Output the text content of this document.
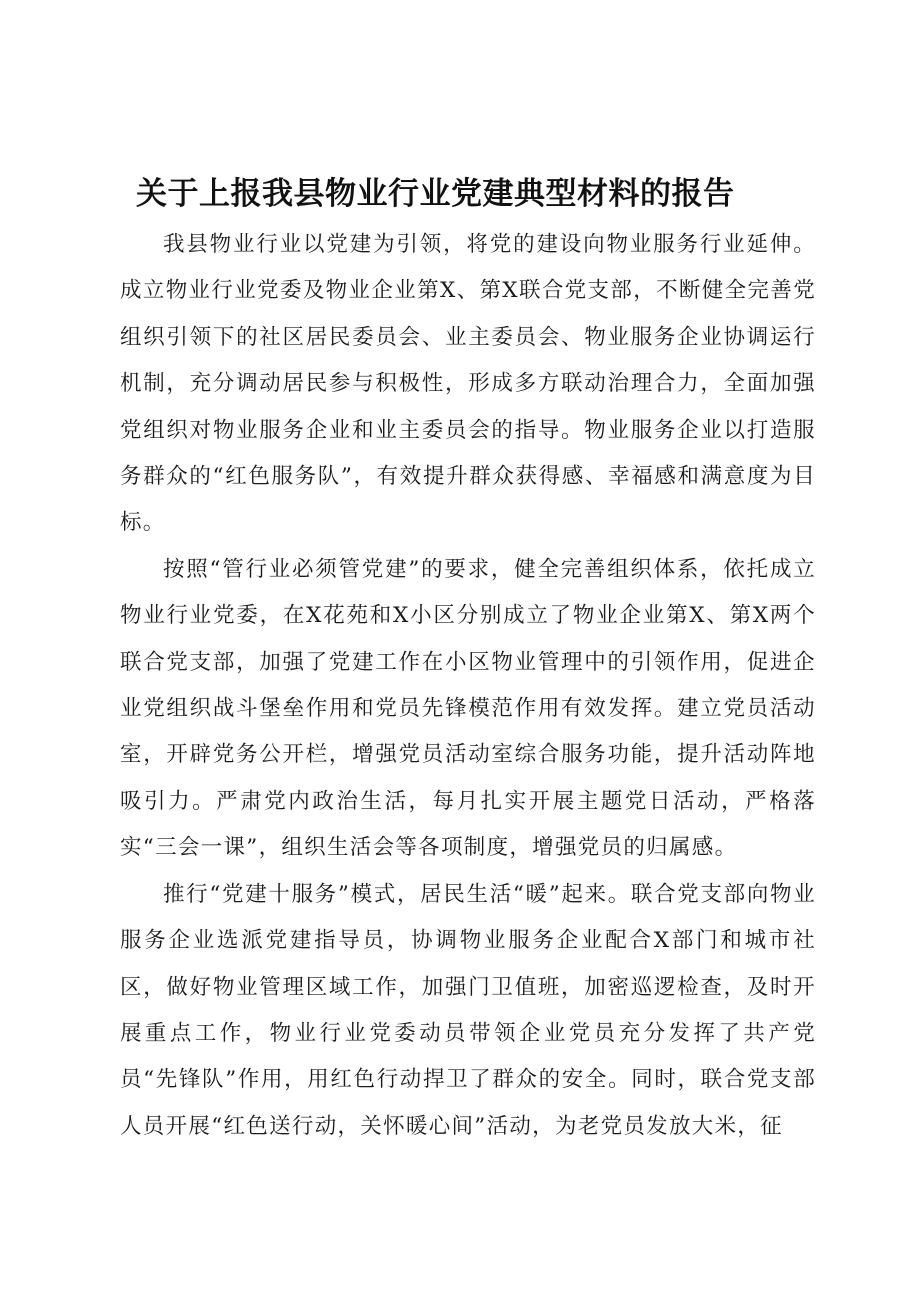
关于上报我县物业行业党建典型材料的报告

我县物业行业以党建为引领，将党的建设向物业服务行业延伸。成立物业行业党委及物业企业第X、第X联合党支部，不断健全完善党组织引领下的社区居民委员会、业主委员会、物业服务企业协调运行机制，充分调动居民参与积极性，形成多方联动治理合力，全面加强党组织对物业服务企业和业主委员会的指导。物业服务企业以打造服务群众的“红色服务队”，有效提升群众获得感、幸福感和满意度为目标。

按照“管行业必须管党建”的要求，健全完善组织体系，依托成立物业行业党委，在X花苑和X小区分别成立了物业企业第X、第X两个联合党支部，加强了党建工作在小区物业管理中的引领作用，促进企业党组织战斗堡垒作用和党员先锋模范作用有效发挥。建立党员活动室，开辟党务公开栏，增强党员活动室综合服务功能，提升活动阵地吸引力。严肃党内政治生活，每月扎实开展主题党日活动，严格落实“三会一课”，组织生活会等各项制度，增强党员的归属感。

推行“党建十服务”模式，居民生活“暖”起来。联合党支部向物业服务企业选派党建指导员，协调物业服务企业配合X部门和城市社区，做好物业管理区域工作，加强门卫值班，加密巡逻检查，及时开展重点工作，物业行业党委动员带领企业党员充分发挥了共产党员“先锋队”作用，用红色行动捍卫了群众的安全。同时，联合党支部人员开展“红色送行动，关怀暖心间”活动，为老党员发放大米，征
